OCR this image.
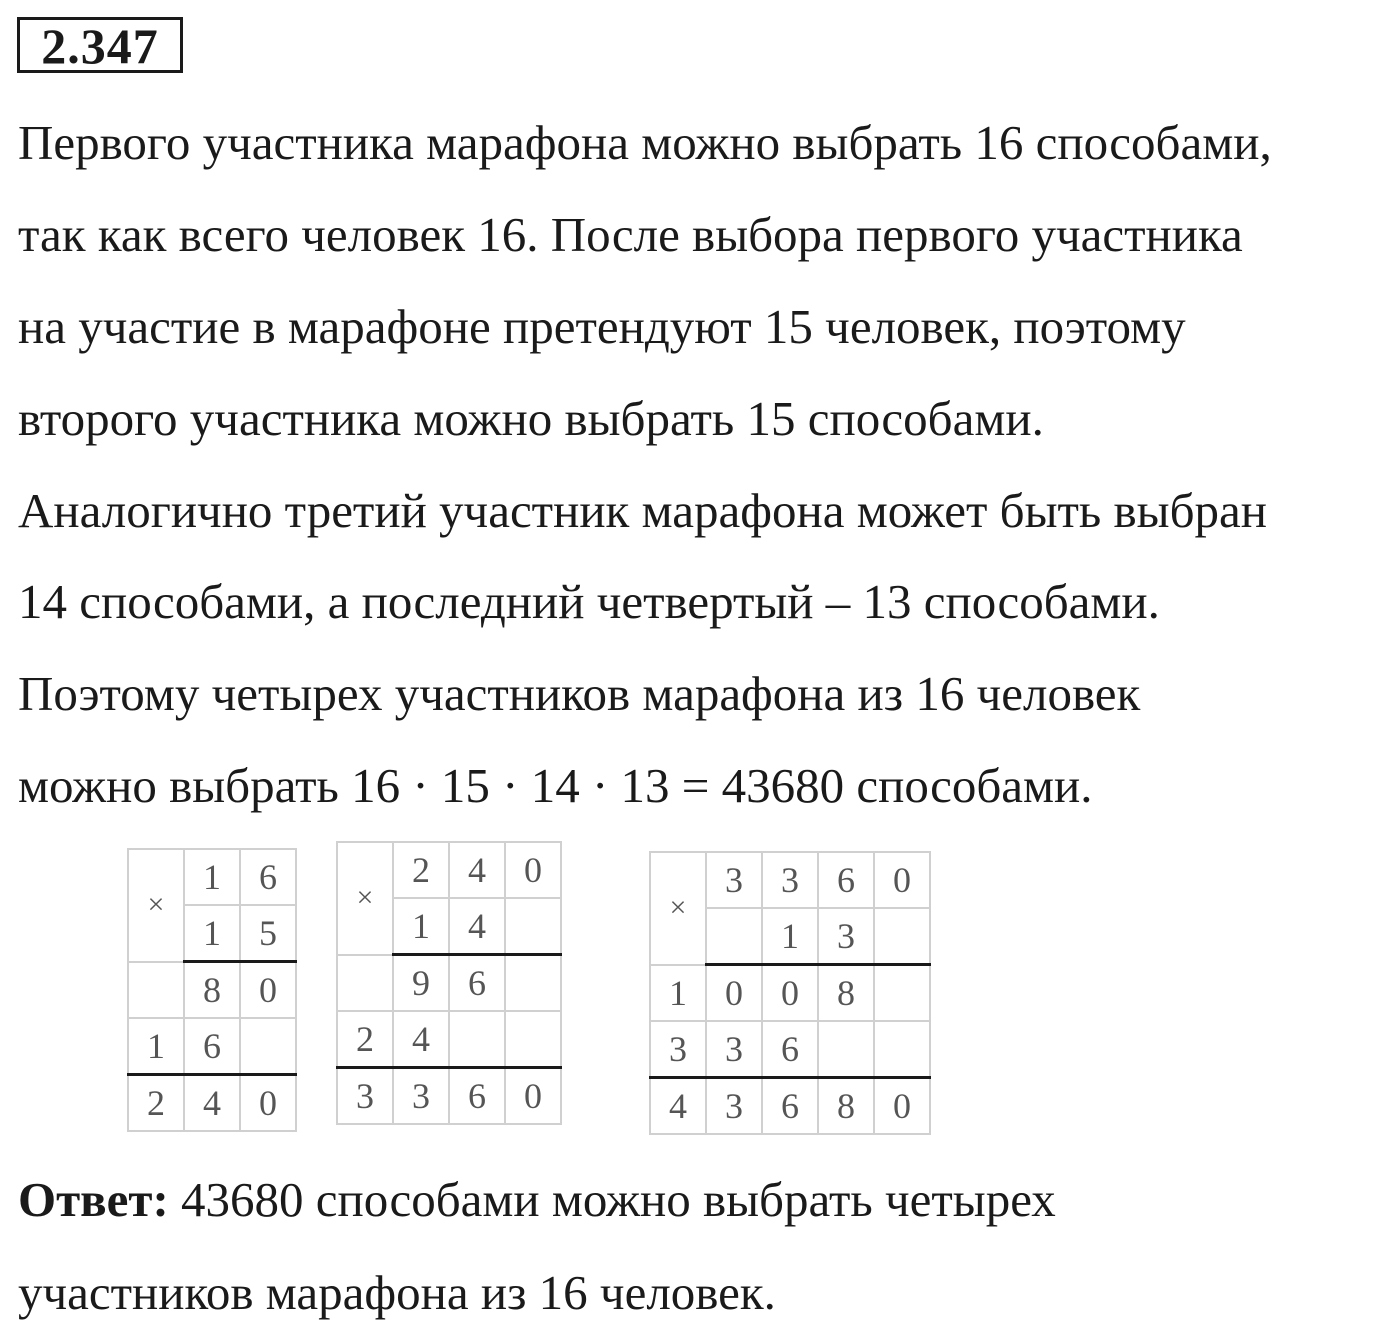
2.347
Первого участника марафона можно выбрать 16 способами,
так как всего человек 16. После выбора первого участника
на участие в марафоне претендуют 15 человек, поэтому
второго участника можно выбрать 15 способами.
Аналогично третий участник марафона может быть выбран
14 способами, а последний четвертый – 13 способами.
Поэтому четырех участников марафона из 16 человек
можно выбрать 16 · 15 · 14 · 13 = 43680 способами.
×	1	6
	1	5
	8	0
1	6	
2	4	0
×	2	4	0
	1	4	
	9	6	
2	4		
3	3	6	0
×	3	3	6	0
		1	3	
1	0	0	8	
3	3	6		
4	3	6	8	0
Ответ: 43680 способами можно выбрать четырех
участников марафона из 16 человек.
